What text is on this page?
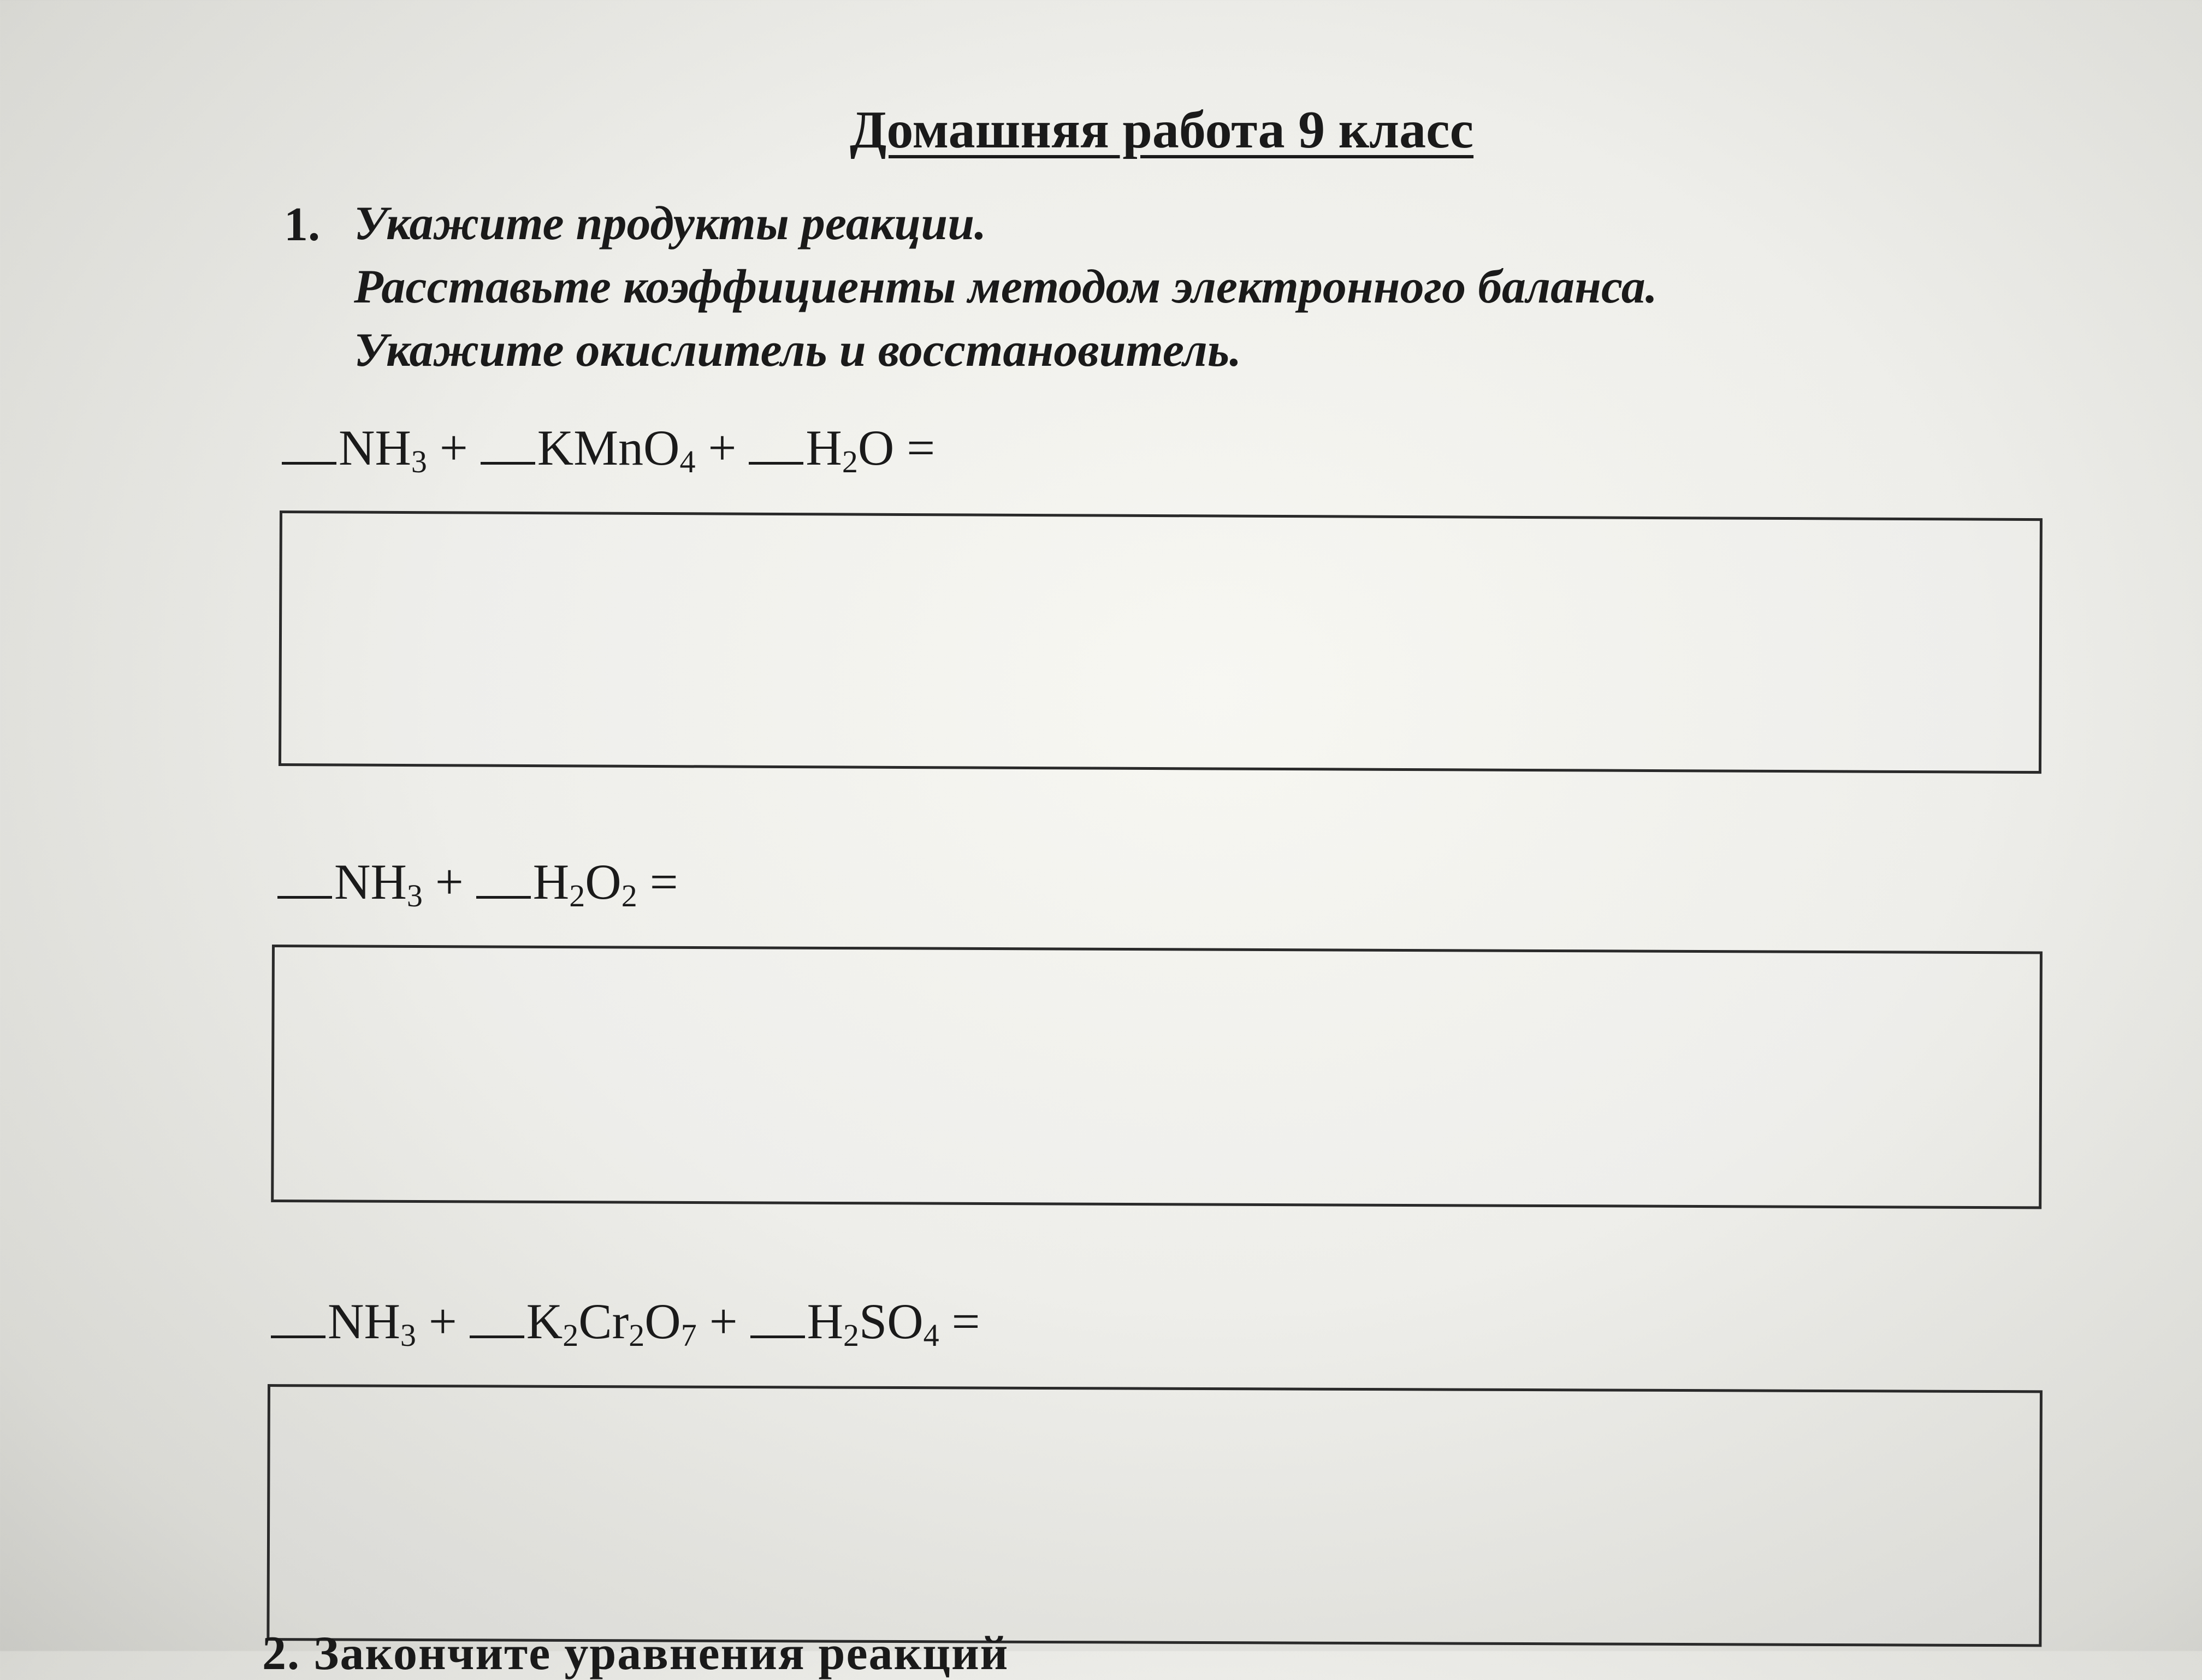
Домашняя работа 9 класс
1. Укажите продукты реакции.
Расставьте коэффициенты методом электронного баланса.
Укажите окислитель и восстановитель.
$NH_3$ + KMnO$_4$ + $H_2O$ =
$NH_3 + H_2O_2$ =
$NH_3 + K_2Cr_2O_7 + H_2SO_4$ =
2. Закончите уравнения реакций
